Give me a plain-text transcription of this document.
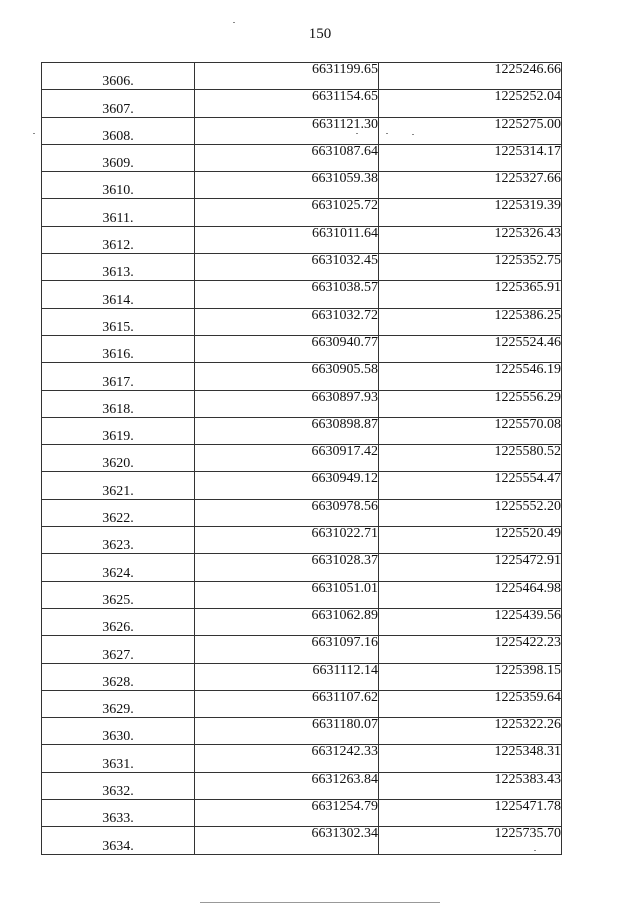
150
3606.	6631199.65	1225246.66
3607.	6631154.65	1225252.04
3608.	6631121.30	1225275.00
3609.	6631087.64	1225314.17
3610.	6631059.38	1225327.66
3611.	6631025.72	1225319.39
3612.	6631011.64	1225326.43
3613.	6631032.45	1225352.75
3614.	6631038.57	1225365.91
3615.	6631032.72	1225386.25
3616.	6630940.77	1225524.46
3617.	6630905.58	1225546.19
3618.	6630897.93	1225556.29
3619.	6630898.87	1225570.08
3620.	6630917.42	1225580.52
3621.	6630949.12	1225554.47
3622.	6630978.56	1225552.20
3623.	6631022.71	1225520.49
3624.	6631028.37	1225472.91
3625.	6631051.01	1225464.98
3626.	6631062.89	1225439.56
3627.	6631097.16	1225422.23
3628.	6631112.14	1225398.15
3629.	6631107.62	1225359.64
3630.	6631180.07	1225322.26
3631.	6631242.33	1225348.31
3632.	6631263.84	1225383.43
3633.	6631254.79	1225471.78
3634.	6631302.34	1225735.70
